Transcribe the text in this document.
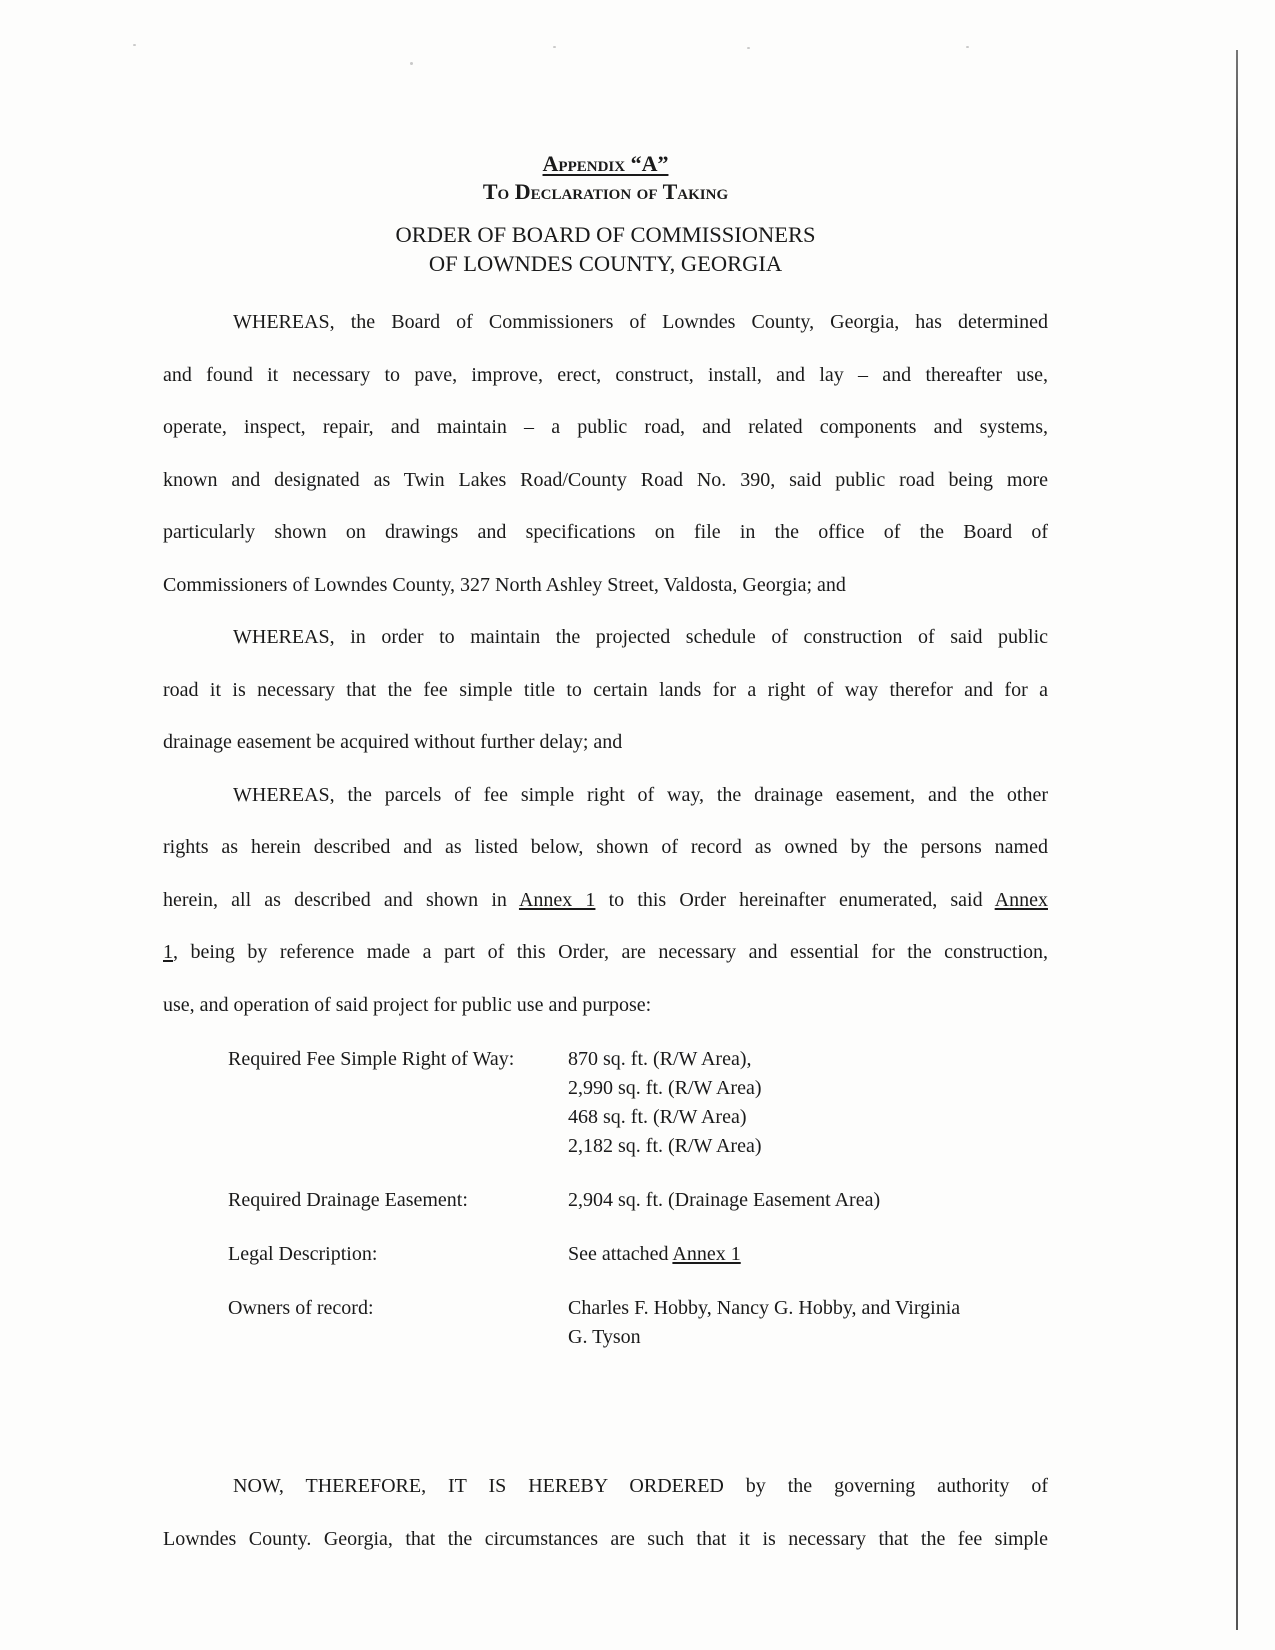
Appendix “A”
To Declaration of Taking
ORDER OF BOARD OF COMMISSIONERS
OF LOWNDES COUNTY, GEORGIA
WHEREAS, the Board of Commissioners of Lowndes County, Georgia, has determined
and found it necessary to pave, improve, erect, construct, install, and lay – and thereafter use,
operate, inspect, repair, and maintain – a public road, and related components and systems,
known and designated as Twin Lakes Road/County Road No. 390, said public road being more
particularly shown on drawings and specifications on file in the office of the Board of
Commissioners of Lowndes County, 327 North Ashley Street, Valdosta, Georgia; and
WHEREAS, in order to maintain the projected schedule of construction of said public
road it is necessary that the fee simple title to certain lands for a right of way therefor and for a
drainage easement be acquired without further delay; and
WHEREAS, the parcels of fee simple right of way, the drainage easement, and the other
rights as herein described and as listed below, shown of record as owned by the persons named
herein, all as described and shown in Annex 1 to this Order hereinafter enumerated, said Annex
1, being by reference made a part of this Order, are necessary and essential for the construction,
use, and operation of said project for public use and purpose:
Required Fee Simple Right of Way:	870 sq. ft. (R/W Area),
2,990 sq. ft. (R/W Area)
468 sq. ft. (R/W Area)
2,182 sq. ft. (R/W Area)
Required Drainage Easement:	2,904 sq. ft. (Drainage Easement Area)
Legal Description:	See attached Annex 1
Owners of record:	Charles F. Hobby, Nancy G. Hobby, and Virginia
G. Tyson
NOW, THEREFORE, IT IS HEREBY ORDERED by the governing authority of
Lowndes County. Georgia, that the circumstances are such that it is necessary that the fee simple
